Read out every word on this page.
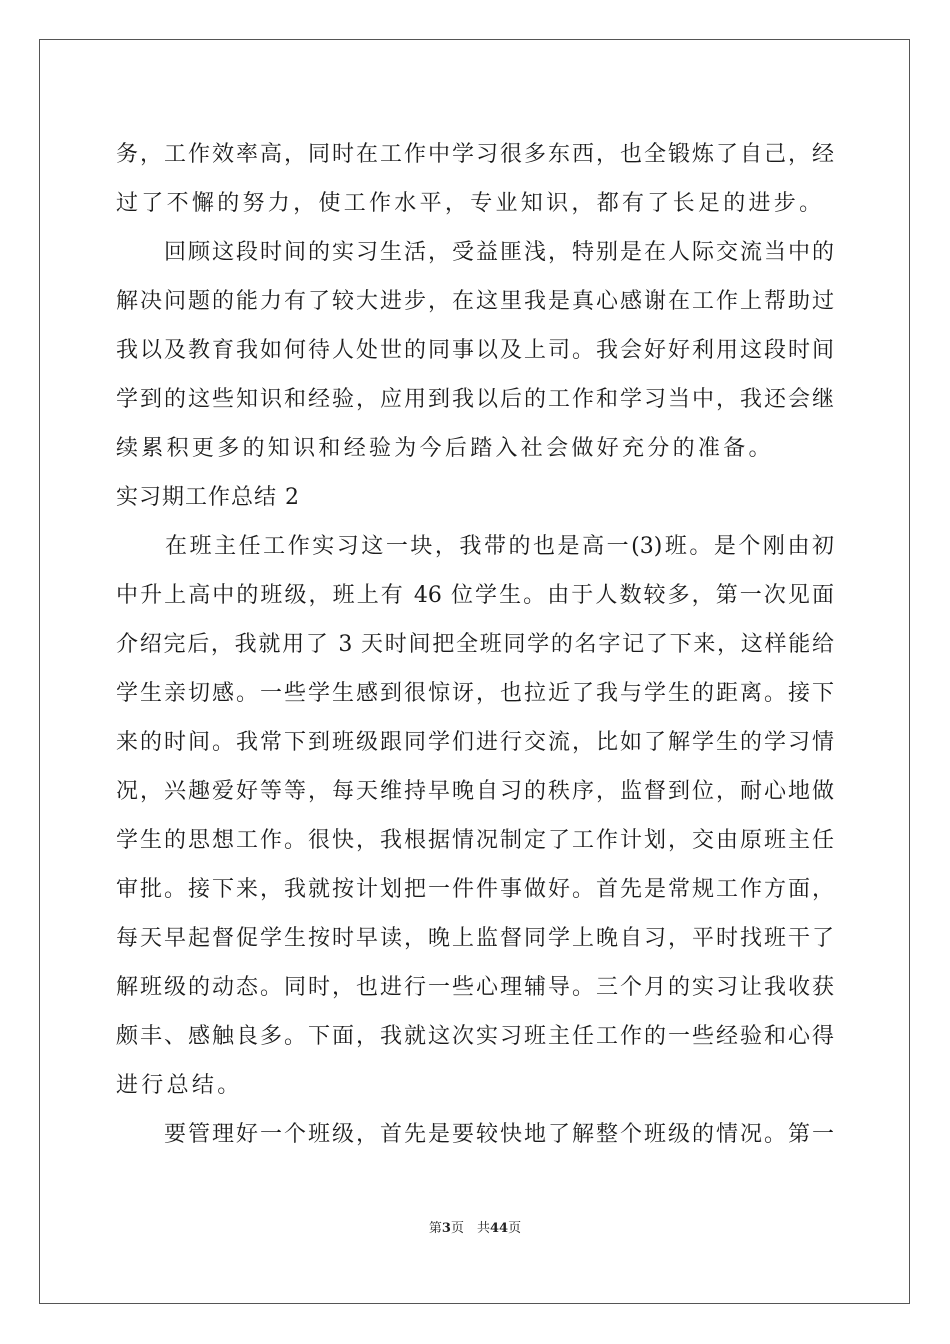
务，工作效率高，同时在工作中学习很多东西，也全锻炼了自己，经
过了不懈的努力，使工作水平，专业知识，都有了长足的进步。
　　回顾这段时间的实习生活，受益匪浅，特别是在人际交流当中的
解决问题的能力有了较大进步，在这里我是真心感谢在工作上帮助过
我以及教育我如何待人处世的同事以及上司。我会好好利用这段时间
学到的这些知识和经验，应用到我以后的工作和学习当中，我还会继
续累积更多的知识和经验为今后踏入社会做好充分的准备。
实习期工作总结 2
　　在班主任工作实习这一块，我带的也是高一(3)班。是个刚由初
中升上高中的班级，班上有 46 位学生。由于人数较多，第一次见面
介绍完后，我就用了 3 天时间把全班同学的名字记了下来，这样能给
学生亲切感。一些学生感到很惊讶，也拉近了我与学生的距离。接下
来的时间。我常下到班级跟同学们进行交流，比如了解学生的学习情
况，兴趣爱好等等，每天维持早晚自习的秩序，监督到位，耐心地做
学生的思想工作。很快，我根据情况制定了工作计划，交由原班主任
审批。接下来，我就按计划把一件件事做好。首先是常规工作方面，
每天早起督促学生按时早读，晚上监督同学上晚自习，平时找班干了
解班级的动态。同时，也进行一些心理辅导。三个月的实习让我收获
颇丰、感触良多。下面，我就这次实习班主任工作的一些经验和心得
进行总结。
　　要管理好一个班级，首先是要较快地了解整个班级的情况。第一
第3页　共44页
